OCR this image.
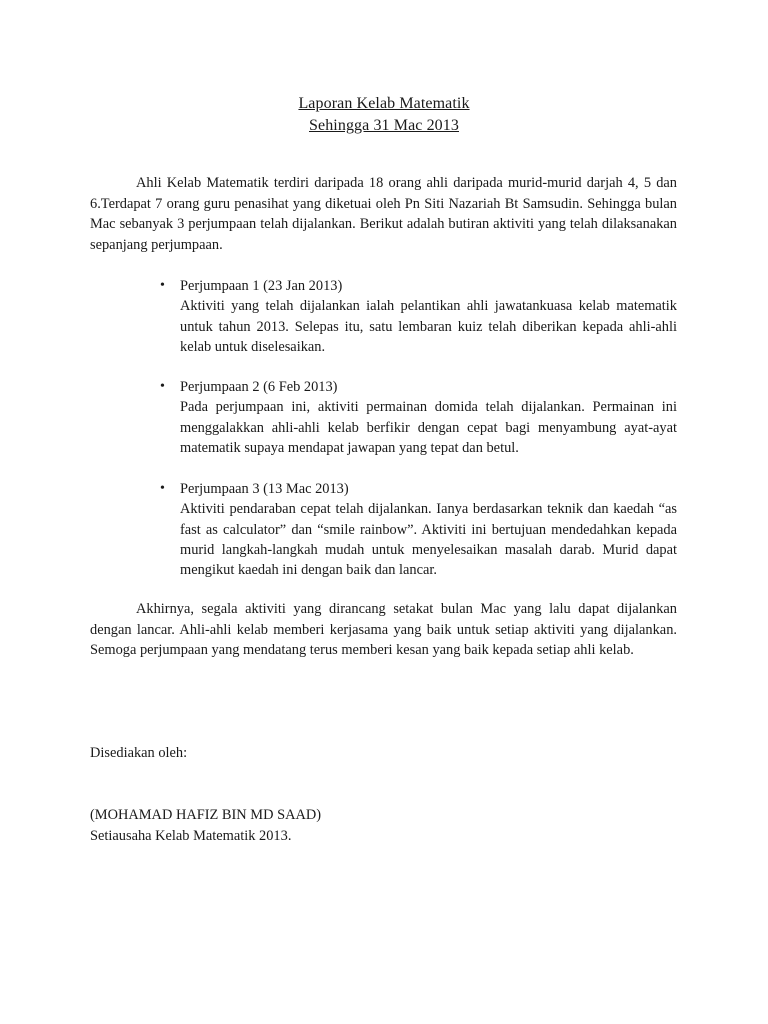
Laporan Kelab Matematik
Sehingga 31 Mac 2013
Ahli Kelab Matematik terdiri daripada 18 orang ahli daripada murid-murid darjah 4, 5 dan 6.Terdapat 7 orang guru penasihat yang diketuai oleh Pn Siti Nazariah Bt Samsudin. Sehingga bulan Mac sebanyak 3 perjumpaan telah dijalankan. Berikut adalah butiran aktiviti yang telah dilaksanakan sepanjang perjumpaan.
• Perjumpaan 1 (23 Jan 2013)
Aktiviti yang telah dijalankan ialah pelantikan ahli jawatankuasa kelab matematik untuk tahun 2013. Selepas itu, satu lembaran kuiz telah diberikan kepada ahli-ahli kelab untuk diselesaikan.
• Perjumpaan 2 (6 Feb 2013)
Pada perjumpaan ini, aktiviti permainan domida telah dijalankan. Permainan ini menggalakkan ahli-ahli kelab berfikir dengan cepat bagi menyambung ayat-ayat matematik supaya mendapat jawapan yang tepat dan betul.
• Perjumpaan 3 (13 Mac 2013)
Aktiviti pendaraban cepat telah dijalankan. Ianya berdasarkan teknik dan kaedah “as fast as calculator” dan “smile rainbow”. Aktiviti ini bertujuan mendedahkan kepada murid langkah-langkah mudah untuk menyelesaikan masalah darab. Murid dapat mengikut kaedah ini dengan baik dan lancar.
Akhirnya, segala aktiviti yang dirancang setakat bulan Mac yang lalu dapat dijalankan dengan lancar. Ahli-ahli kelab memberi kerjasama yang baik untuk setiap aktiviti yang dijalankan. Semoga perjumpaan yang mendatang terus memberi kesan yang baik kepada setiap ahli kelab.
Disediakan oleh:
(MOHAMAD HAFIZ BIN MD SAAD)
Setiausaha Kelab Matematik 2013.
